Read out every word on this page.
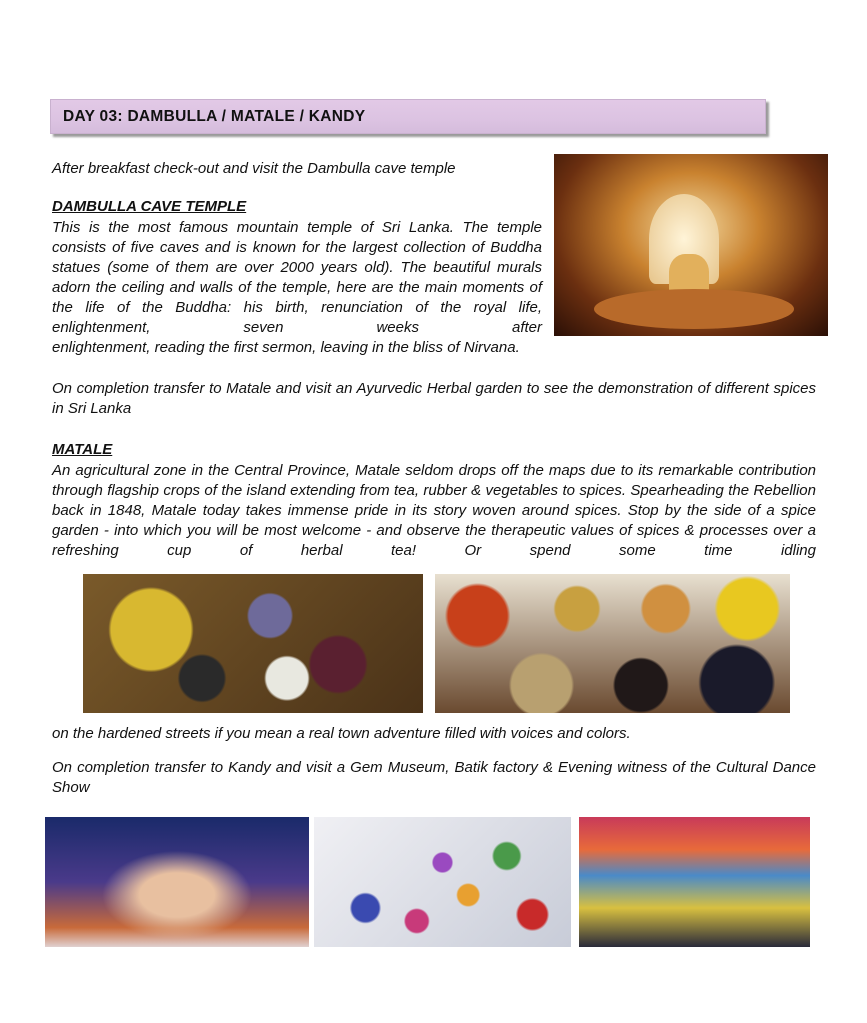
DAY 03: DAMBULLA / MATALE / KANDY

After breakfast check-out and visit the Dambulla cave temple

DAMBULLA CAVE TEMPLE

This is the most famous mountain temple of Sri Lanka. The temple consists of five caves and is known for the largest collection of Buddha statues (some of them are over 2000 years old). The beautiful murals adorn the ceiling and walls of the temple, here are the main moments of the life of the Buddha: his birth, renunciation of the royal life, enlightenment, seven weeks after

enlightenment, reading the first sermon, leaving in the bliss of Nirvana.

On completion transfer to Matale and visit an Ayurvedic Herbal garden to see the demonstration of different spices in Sri Lanka

MATALE

An agricultural zone in the Central Province, Matale seldom drops off the maps due to its remarkable contribution through flagship crops of the island extending from tea, rubber & vegetables to spices. Spearheading the Rebellion back in 1848, Matale today takes immense pride in its story woven around spices. Stop by the side of a spice garden - into which you will be most welcome - and observe the therapeutic values of spices & processes over a refreshing cup of herbal tea! Or spend some time idling

on the hardened streets if you mean a real town adventure filled with voices and colors.

On completion transfer to Kandy and visit a Gem Museum, Batik factory & Evening witness of the Cultural Dance Show
